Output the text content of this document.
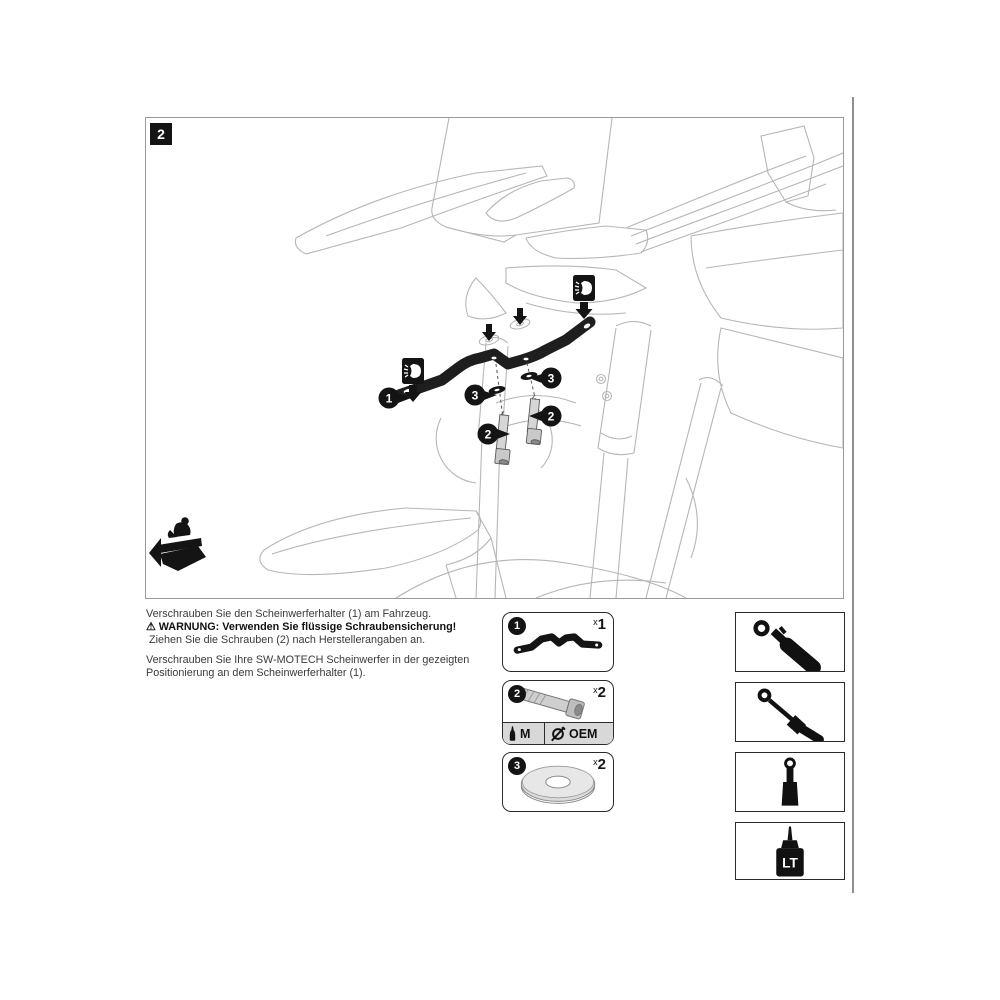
2
1	3
3
2
2
Verschrauben Sie den Scheinwerferhalter (1) am Fahrzeug.
⚠ WARNUNG: Verwenden Sie flüssige Schraubensicherung!
Ziehen Sie die Schrauben (2) nach Herstellerangaben an.
Verschrauben Sie Ihre SW-MOTECH Scheinwerfer in der gezeigten
Positionierung an dem Scheinwerferhalter (1).
1	$^x$1
2	$^x$2
M	OEM
3	$^x$2
LT
